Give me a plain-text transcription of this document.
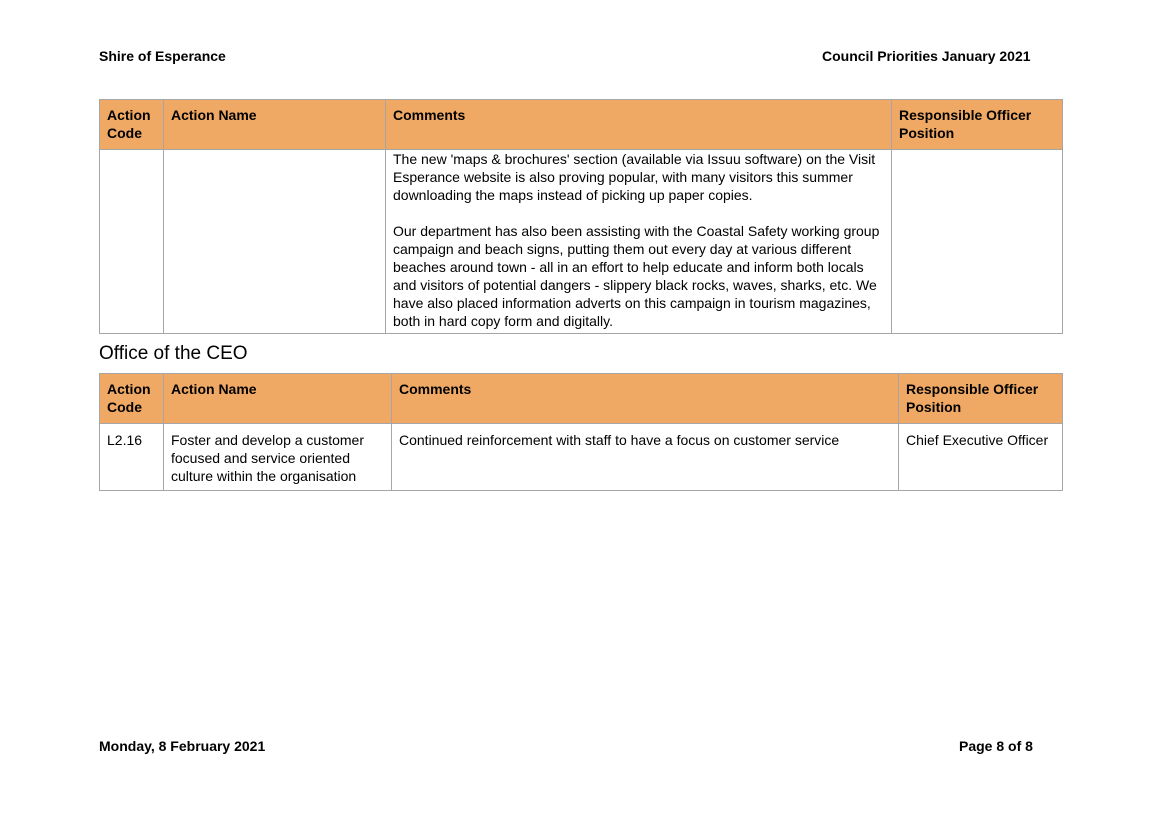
Shire of Esperance	Council Priorities January 2021
Action Code	Action Name	Comments	Responsible Officer Position

		The new 'maps & brochures' section (available via Issuu software) on the Visit Esperance website is also proving popular, with many visitors this summer downloading the maps instead of picking up paper copies.

Our department has also been assisting with the Coastal Safety working group campaign and beach signs, putting them out every day at various different beaches around town - all in an effort to help educate and inform both locals and visitors of potential dangers - slippery black rocks, waves, sharks, etc. We have also placed information adverts on this campaign in tourism magazines, both in hard copy form and digitally.	

Office of the CEO
Action Code	Action Name	Comments	Responsible Officer Position
L2.16	Foster and develop a customer focused and service oriented culture within the organisation	Continued reinforcement with staff to have a focus on customer service	Chief Executive Officer
Monday, 8 February 2021	Page 8 of 8
